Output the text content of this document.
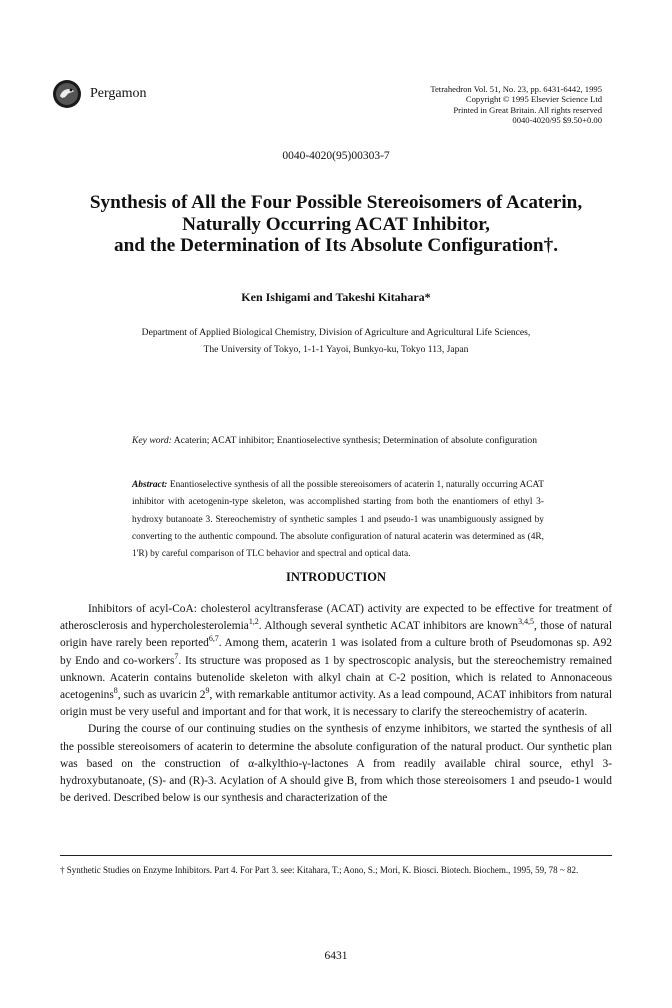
Pergamon	Tetrahedron Vol. 51, No. 23, pp. 6431-6442, 1995
Copyright © 1995 Elsevier Science Ltd
Printed in Great Britain. All rights reserved
0040-4020/95 $9.50+0.00
0040-4020(95)00303-7
Synthesis of All the Four Possible Stereoisomers of Acaterin,
Naturally Occurring ACAT Inhibitor,
and the Determination of Its Absolute Configuration†.
Ken Ishigami and Takeshi Kitahara*
Department of Applied Biological Chemistry, Division of Agriculture and Agricultural Life Sciences,
The University of Tokyo, 1-1-1 Yayoi, Bunkyo-ku, Tokyo 113, Japan
Key word: Acaterin; ACAT inhibitor; Enantioselective synthesis; Determination of absolute configuration
Abstract: Enantioselective synthesis of all the possible stereoisomers of acaterin 1, naturally occurring ACAT inhibitor with acetogenin-type skeleton, was accomplished starting from both the enantiomers of ethyl 3-hydroxy butanoate 3. Stereochemistry of synthetic samples 1 and pseudo-1 was unambiguously assigned by converting to the authentic compound. The absolute configuration of natural acaterin was determined as (4R, 1'R) by careful comparison of TLC behavior and spectral and optical data.
INTRODUCTION

Inhibitors of acyl-CoA: cholesterol acyltransferase (ACAT) activity are expected to be effective for treatment of atherosclerosis and hypercholesterolemia$^{1,2}$. Although several synthetic ACAT inhibitors are known$^{3,4,5}$, those of natural origin have rarely been reported$^{6,7}$. Among them, acaterin 1 was isolated from a culture broth of Pseudomonas sp. A92 by Endo and co-workers$^7$. Its structure was proposed as 1 by spectroscopic analysis, but the stereochemistry remained unknown. Acaterin contains butenolide skeleton with alkyl chain at C-2 position, which is related to Annonaceous acetogenins$^8$, such as uvaricin $2^9$, with remarkable antitumor activity. As a lead compound, ACAT inhibitors from natural origin must be very useful and important and for that work, it is necessary to clarify the stereochemistry of acaterin.

During the course of our continuing studies on the synthesis of enzyme inhibitors, we started the synthesis of all the possible stereoisomers of acaterin to determine the absolute configuration of the natural product. Our synthetic plan was based on the construction of α-alkylthio-γ-lactones A from readily available chiral source, ethyl 3-hydroxybutanoate, (S)- and (R)-3. Acylation of A should give B, from which those stereoisomers 1 and pseudo-1 would be derived. Described below is our synthesis and characterization of the

† Synthetic Studies on Enzyme Inhibitors. Part 4. For Part 3. see: Kitahara, T.; Aono, S.; Mori, K. Biosci. Biotech. Biochem., 1995, 59, 78 ~ 82.
6431
